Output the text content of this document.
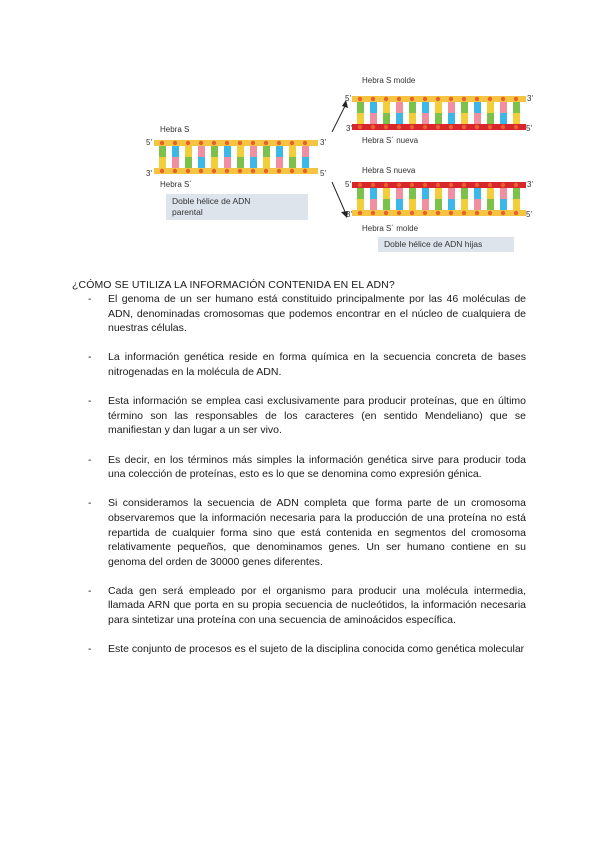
Hebra S
5'	3'
3'	5'
Hebra S´
Doble hélice de ADN
parental
Hebra S molde
5'	3'
3'	5'
Hebra S´ nueva
Hebra S nueva
5'	3'
3'	5'
Hebra S´ molde
Doble hélice de ADN hijas
¿CÓMO SE UTILIZA LA INFORMACIÓN CONTENIDA EN EL ADN?
- El genoma de un ser humano está constituido principalmente por las 46 moléculas de ADN, denominadas cromosomas que podemos encontrar en el núcleo de cualquiera de nuestras células.
- La información genética reside en forma química en la secuencia concreta de bases nitrogenadas en la molécula de ADN.
- Esta información se emplea casi exclusivamente para producir proteínas, que en último término son las responsables de los caracteres (en sentido Mendeliano) que se manifiestan y dan lugar a un ser vivo.
- Es decir, en los términos más simples la información genética sirve para producir toda una colección de proteínas, esto es lo que se denomina como expresión génica.
- Si consideramos la secuencia de ADN completa que forma parte de un cromosoma observaremos que la información necesaria para la producción de una proteína no está repartida de cualquier forma sino que está contenida en segmentos del cromosoma relativamente pequeños, que denominamos genes. Un ser humano contiene en su genoma del orden de 30000 genes diferentes.
- Cada gen será empleado por el organismo para producir una molécula intermedia, llamada ARN que porta en su propia secuencia de nucleótidos, la información necesaria para sintetizar una proteína con una secuencia de aminoácidos específica.
- Este conjunto de procesos es el sujeto de la disciplina conocida como genética molecular
